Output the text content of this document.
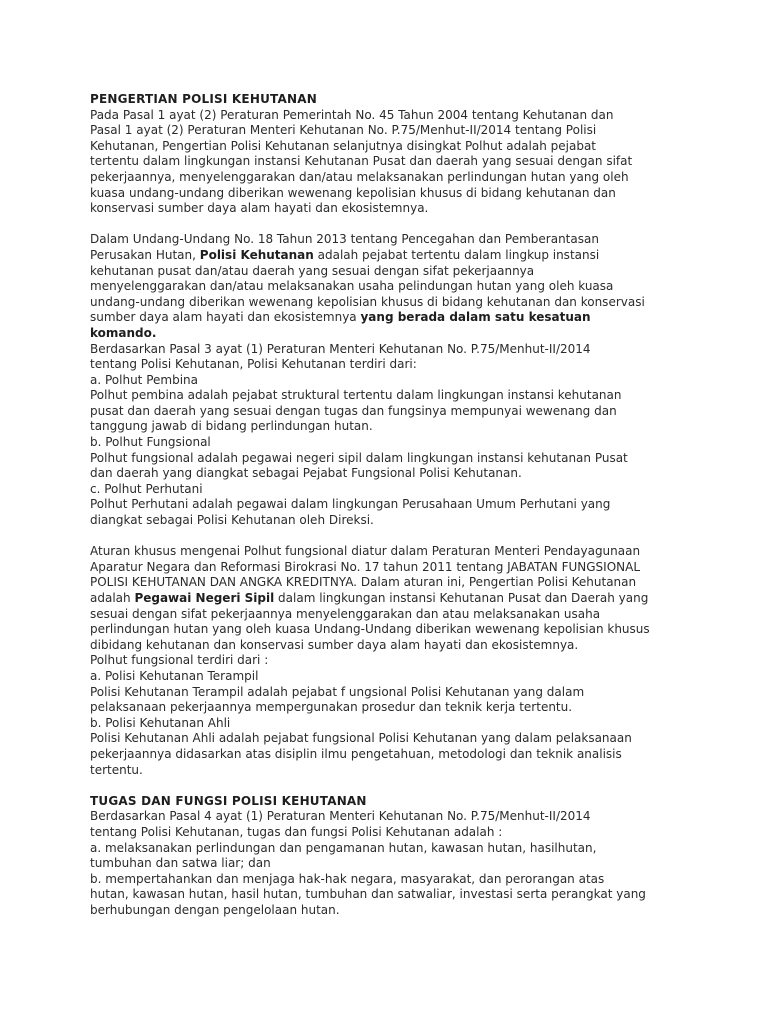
PENGERTIAN POLISI KEHUTANAN
Pada Pasal 1 ayat (2) Peraturan Pemerintah No. 45 Tahun 2004 tentang Kehutanan dan
Pasal 1 ayat (2) Peraturan Menteri Kehutanan No. P.75/Menhut-II/2014 tentang Polisi
Kehutanan, Pengertian Polisi Kehutanan selanjutnya disingkat Polhut adalah pejabat
tertentu dalam lingkungan instansi Kehutanan Pusat dan daerah yang sesuai dengan sifat
pekerjaannya, menyelenggarakan dan/atau melaksanakan perlindungan hutan yang oleh
kuasa undang-undang diberikan wewenang kepolisian khusus di bidang kehutanan dan
konservasi sumber daya alam hayati dan ekosistemnya.
Dalam Undang-Undang No. 18 Tahun 2013 tentang Pencegahan dan Pemberantasan
Perusakan Hutan, Polisi Kehutanan adalah pejabat tertentu dalam lingkup instansi
kehutanan pusat dan/atau daerah yang sesuai dengan sifat pekerjaannya
menyelenggarakan dan/atau melaksanakan usaha pelindungan hutan yang oleh kuasa
undang-undang diberikan wewenang kepolisian khusus di bidang kehutanan dan konservasi
sumber daya alam hayati dan ekosistemnya yang berada dalam satu kesatuan
komando.
Berdasarkan Pasal 3 ayat (1) Peraturan Menteri Kehutanan No. P.75/Menhut-II/2014
tentang Polisi Kehutanan, Polisi Kehutanan terdiri dari:
a. Polhut Pembina
Polhut pembina adalah pejabat struktural tertentu dalam lingkungan instansi kehutanan
pusat dan daerah yang sesuai dengan tugas dan fungsinya mempunyai wewenang dan
tanggung jawab di bidang perlindungan hutan.
b. Polhut Fungsional
Polhut fungsional adalah pegawai negeri sipil dalam lingkungan instansi kehutanan Pusat
dan daerah yang diangkat sebagai Pejabat Fungsional Polisi Kehutanan.
c. Polhut Perhutani
Polhut Perhutani adalah pegawai dalam lingkungan Perusahaan Umum Perhutani yang
diangkat sebagai Polisi Kehutanan oleh Direksi.
Aturan khusus mengenai Polhut fungsional diatur dalam Peraturan Menteri Pendayagunaan
Aparatur Negara dan Reformasi Birokrasi No. 17 tahun 2011 tentang JABATAN FUNGSIONAL
POLISI KEHUTANAN DAN ANGKA KREDITNYA. Dalam aturan ini, Pengertian Polisi Kehutanan
adalah Pegawai Negeri Sipil dalam lingkungan instansi Kehutanan Pusat dan Daerah yang
sesuai dengan sifat pekerjaannya menyelenggarakan dan atau melaksanakan usaha
perlindungan hutan yang oleh kuasa Undang-Undang diberikan wewenang kepolisian khusus
dibidang kehutanan dan konservasi sumber daya alam hayati dan ekosistemnya.
Polhut fungsional terdiri dari :
a. Polisi Kehutanan Terampil
Polisi Kehutanan Terampil adalah pejabat f ungsional Polisi Kehutanan yang dalam
pelaksanaan pekerjaannya mempergunakan prosedur dan teknik kerja tertentu.
b. Polisi Kehutanan Ahli
Polisi Kehutanan Ahli adalah pejabat fungsional Polisi Kehutanan yang dalam pelaksanaan
pekerjaannya didasarkan atas disiplin ilmu pengetahuan, metodologi dan teknik analisis
tertentu.
TUGAS DAN FUNGSI POLISI KEHUTANAN
Berdasarkan Pasal 4 ayat (1) Peraturan Menteri Kehutanan No. P.75/Menhut-II/2014
tentang Polisi Kehutanan, tugas dan fungsi Polisi Kehutanan adalah :
a. melaksanakan perlindungan dan pengamanan hutan, kawasan hutan, hasilhutan,
tumbuhan dan satwa liar; dan
b. mempertahankan dan menjaga hak-hak negara, masyarakat, dan perorangan atas
hutan, kawasan hutan, hasil hutan, tumbuhan dan satwaliar, investasi serta perangkat yang
berhubungan dengan pengelolaan hutan.
